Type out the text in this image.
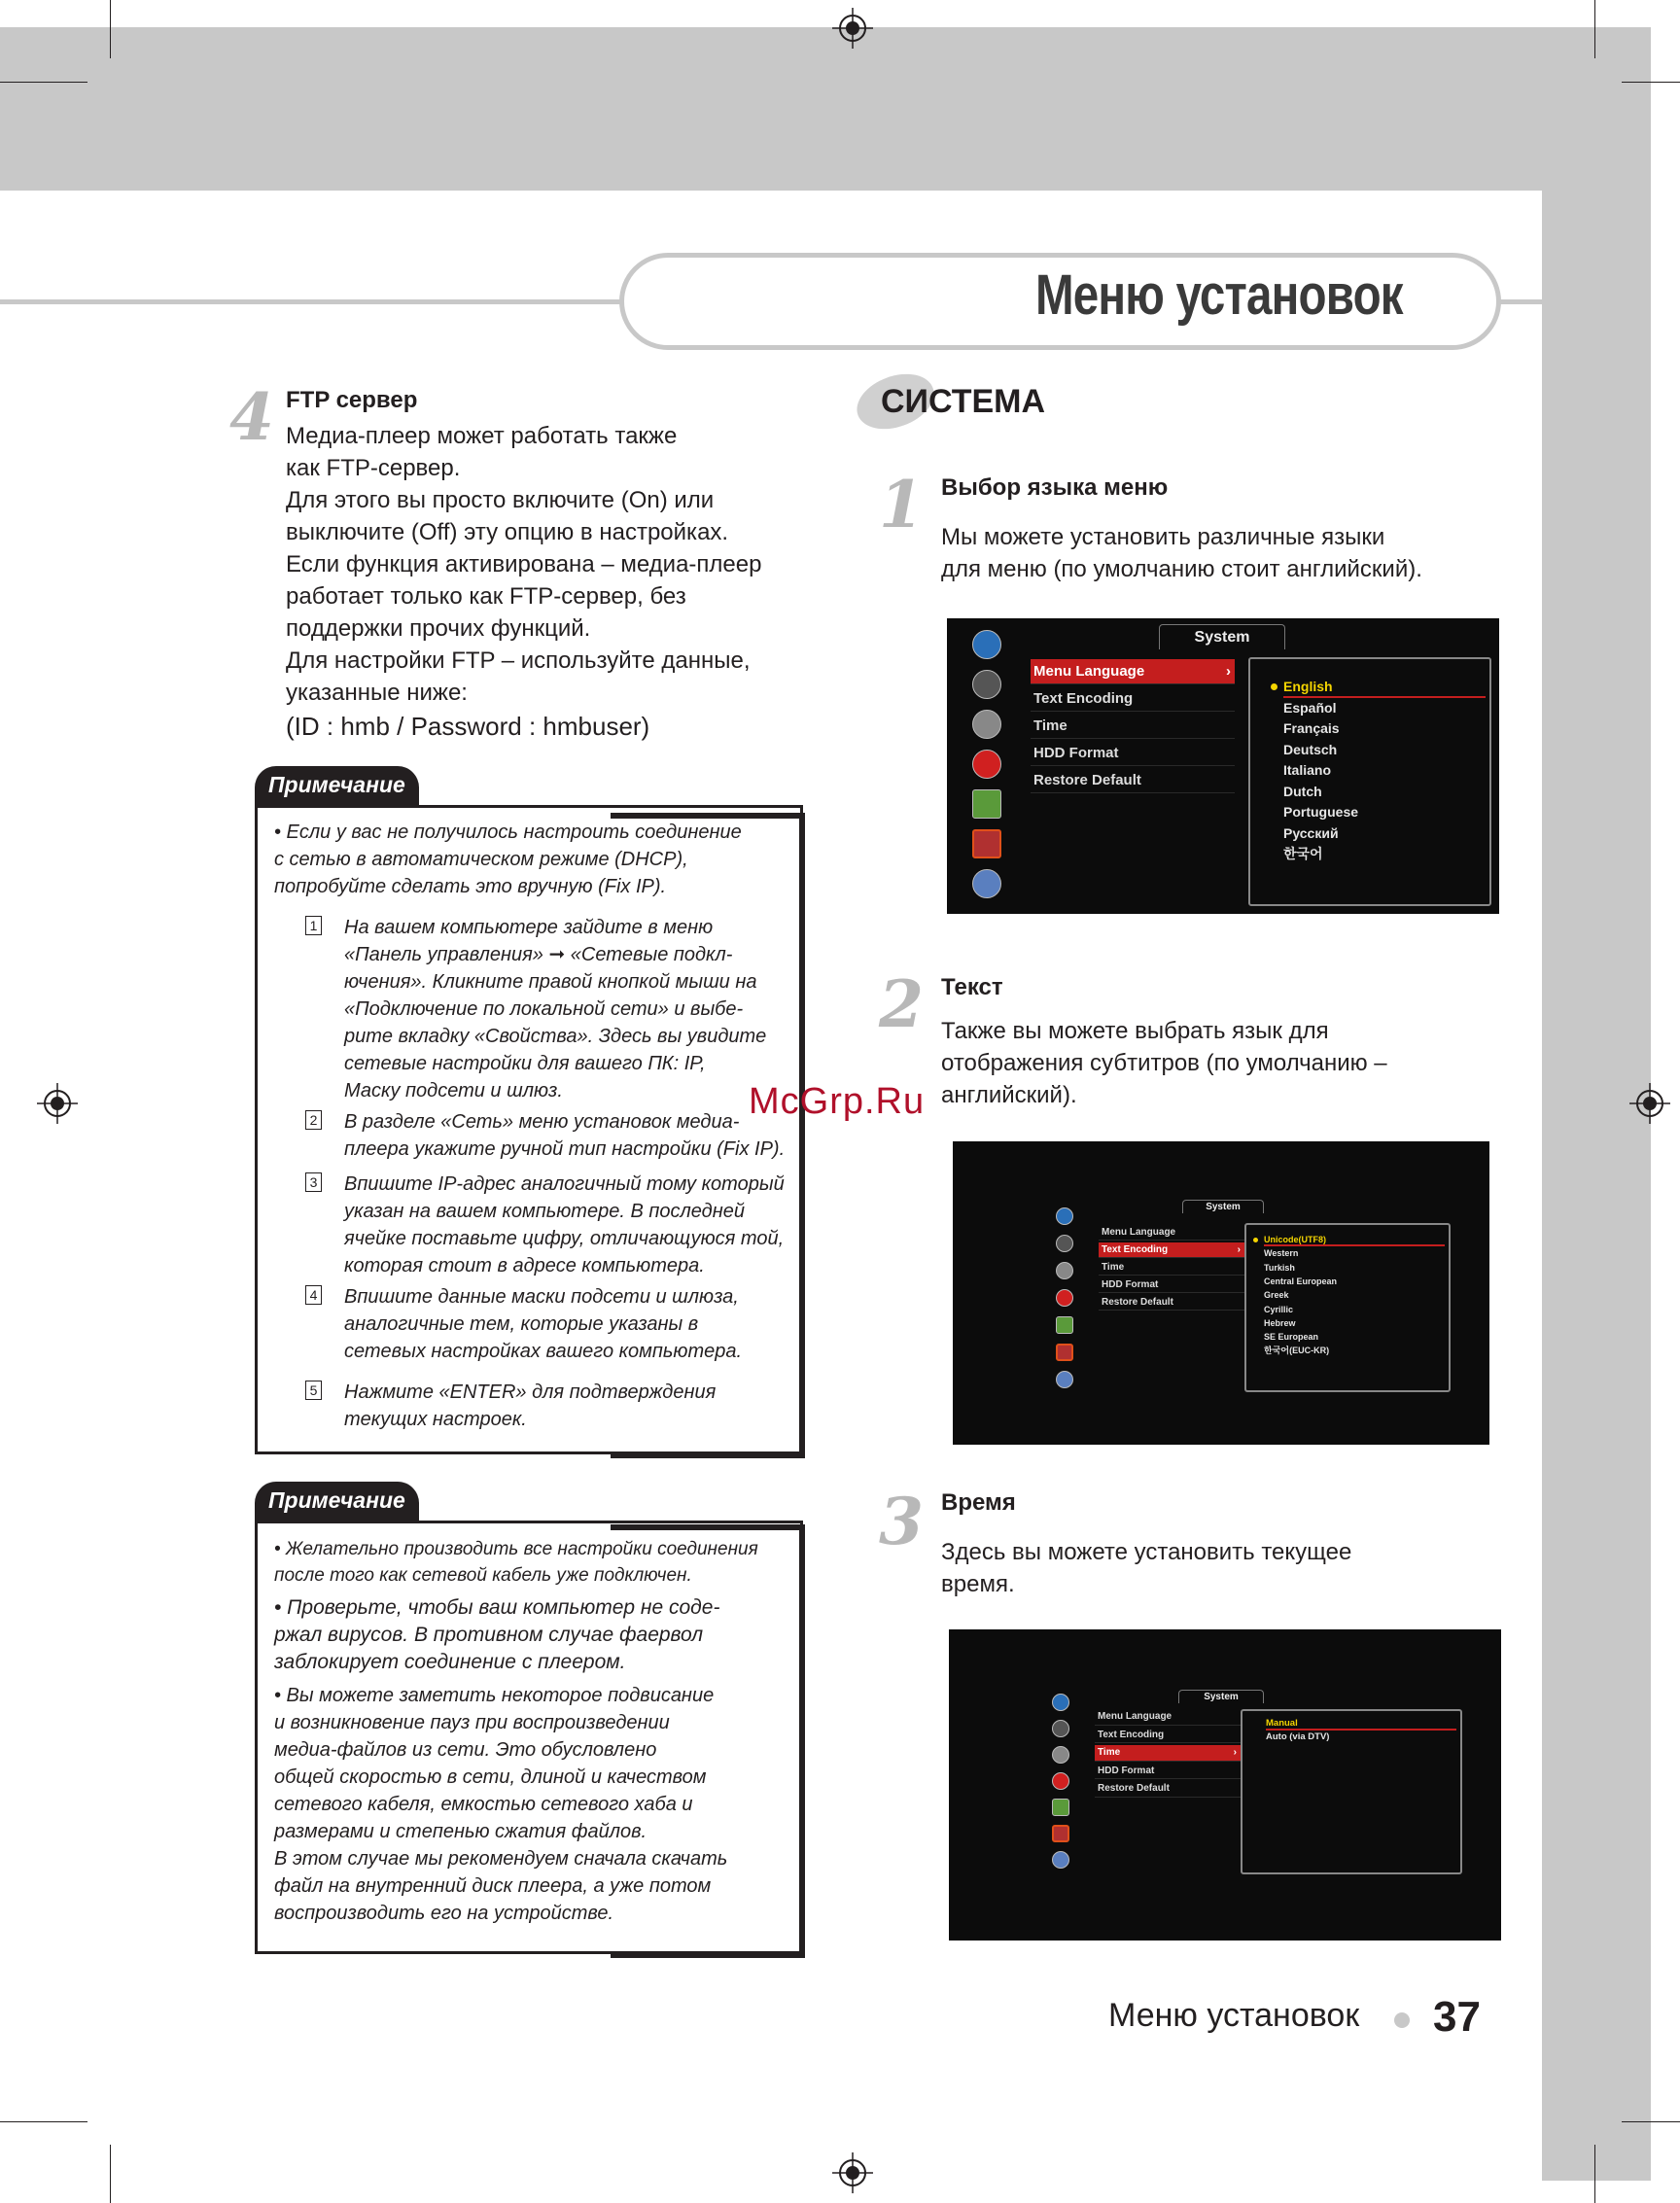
Меню установок
4 FTP сервер
Медиа-плеер может работать также
как FTP-сервер.
Для этого вы просто включите (On) или
выключите (Off) эту опцию в настройках.
Если функция активирована – медиа-плеер
работает только как FTP-сервер, без
поддержки прочих функций.
Для настройки FTP – используйте данные,
указанные ниже:
(ID : hmb / Password : hmbuser)
Примечание
• Если у вас не получилось настроить соединение
с сетью в автоматическом режиме (DHCP),
попробуйте сделать это вручную (Fix IP).
1 На вашем компьютере зайдите в меню
«Панель управления» ➞ «Сетевые подкл-
ючения». Кликните правой кнопкой мыши на
«Подключение по локальной сети» и выбе-
рите вкладку «Свойства». Здесь вы увидите
сетевые настройки для вашего ПК: IP,
Маску подсети и шлюз.
2 В разделе «Сеть» меню установок медиа-
плеера укажите ручной тип настройки (Fix IP).
3 Впишите IP-адрес аналогичный тому который
указан на вашем компьютере. В последней
ячейке поставьте цифру, отличающуюся той,
которая стоит в адресе компьютера.
4 Впишите данные маски подсети и шлюза,
аналогичные тем, которые указаны в
сетевых настройках вашего компьютера.
5 Нажмите «ENTER» для подтверждения
текущих настроек.
Примечание
• Желательно производить все настройки соединения
после того как сетевой кабель уже подключен.
• Проверьте, чтобы ваш компьютер не соде-
ржал вирусов. В противном случае фаервол
заблокирует соединение с плеером.
• Вы можете заметить некоторое подвисание
и возникновение пауз при воспроизведении
медиа-файлов из сети. Это обусловлено
общей скоростью в сети, длиной и качеством
сетевого кабеля, емкостью сетевого хаба и
размерами и степенью сжатия файлов.
В этом случае мы рекомендуем сначала скачать
файл на внутренний диск плеера, а уже потом
воспроизводить его на устройстве.
СИСТЕМА
1 Выбор языка меню
Мы можете установить различные языки
для меню (по умолчанию стоит английский).
2 Текст
Также вы можете выбрать язык для
отображения субтитров (по умолчанию –
английский).
3 Время
Здесь вы можете установить текущее
время.
System
Menu Language	›
Text Encoding
Time
HDD Format
Restore Default
English
Español
Français
Deutsch
Italiano
Dutch
Portuguese
Русский
한국어
System
Menu Language
Text Encoding	›
Time
HDD Format
Restore Default
Unicode(UTF8)
Western
Turkish
Central European
Greek
Cyrillic
Hebrew
SE European
한국어(EUC-KR)
System
Menu Language
Text Encoding
Time	›
HDD Format
Restore Default
Manual
Auto (via DTV)
McGrp.Ru
Меню установок 37
